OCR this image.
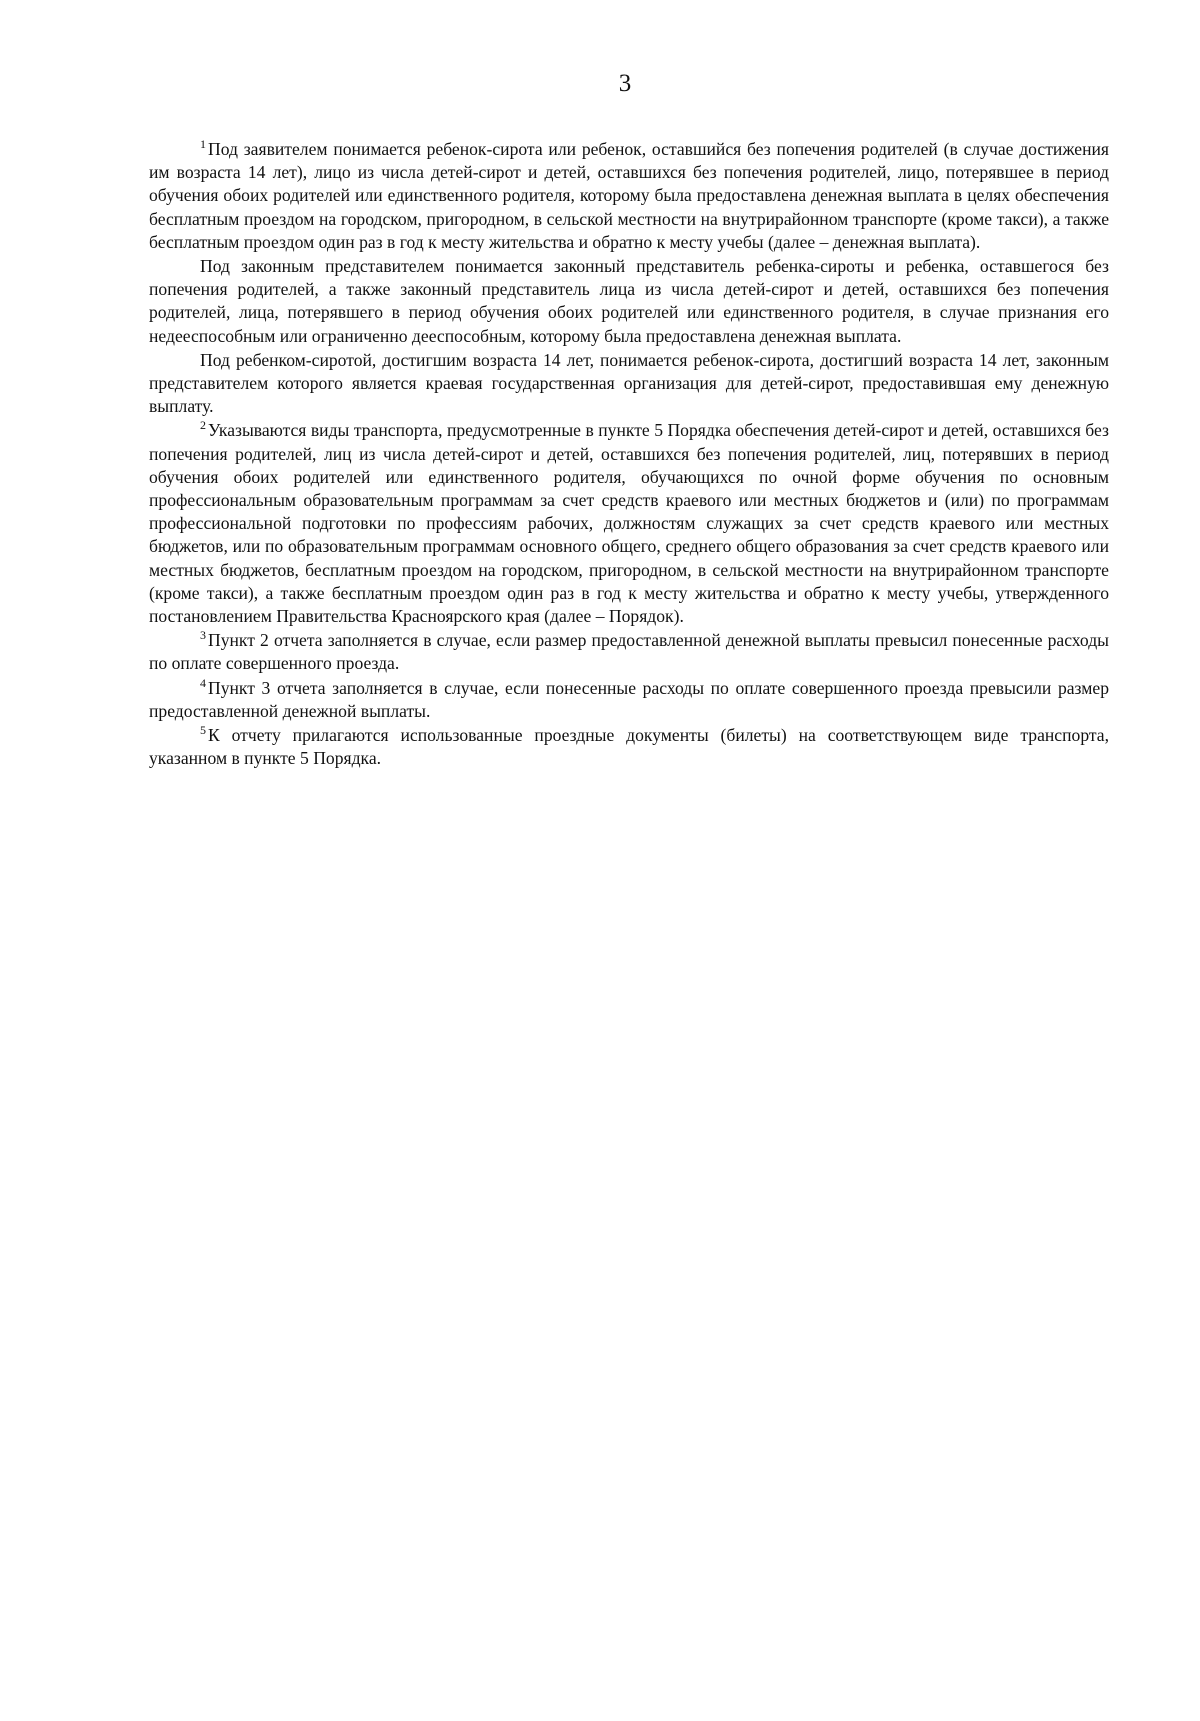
3

$^1$ Под заявителем понимается ребенок-сирота или ребенок, оставшийся без попечения родителей (в случае достижения им возраста 14 лет), лицо из числа детей-сирот и детей, оставшихся без попечения родителей, лицо, потерявшее в период обучения обоих родителей или единственного родителя, которому была предоставлена денежная выплата в целях обеспечения бесплатным проездом на городском, пригородном, в сельской местности на внутрирайонном транспорте (кроме такси), а также бесплатным проездом один раз в год к месту жительства и обратно к месту учебы (далее – денежная выплата).

Под законным представителем понимается законный представитель ребенка-сироты и ребенка, оставшегося без попечения родителей, а также законный представитель лица из числа детей-сирот и детей, оставшихся без попечения родителей, лица, потерявшего в период обучения обоих родителей или единственного родителя, в случае признания его недееспособным или ограниченно дееспособным, которому была предоставлена денежная выплата.

Под ребенком-сиротой, достигшим возраста 14 лет, понимается ребенок-сирота, достигший возраста 14 лет, законным представителем которого является краевая государственная организация для детей-сирот, предоставившая ему денежную выплату.

$^2$ Указываются виды транспорта, предусмотренные в пункте 5 Порядка обеспечения детей-сирот и детей, оставшихся без попечения родителей, лиц из числа детей-сирот и детей, оставшихся без попечения родителей, лиц, потерявших в период обучения обоих родителей или единственного родителя, обучающихся по очной форме обучения по основным профессиональным образовательным программам за счет средств краевого или местных бюджетов и (или) по программам профессиональной подготовки по профессиям рабочих, должностям служащих за счет средств краевого или местных бюджетов, или по образовательным программам основного общего, среднего общего образования за счет средств краевого или местных бюджетов, бесплатным проездом на городском, пригородном, в сельской местности на внутрирайонном транспорте (кроме такси), а также бесплатным проездом один раз в год к месту жительства и обратно к месту учебы, утвержденного постановлением Правительства Красноярского края (далее – Порядок).

$^3$ Пункт 2 отчета заполняется в случае, если размер предоставленной денежной выплаты превысил понесенные расходы по оплате совершенного проезда.

$^4$ Пункт 3 отчета заполняется в случае, если понесенные расходы по оплате совершенного проезда превысили размер предоставленной денежной выплаты.

$^5$ К отчету прилагаются использованные проездные документы (билеты) на соответствующем виде транспорта, указанном в пункте 5 Порядка.
